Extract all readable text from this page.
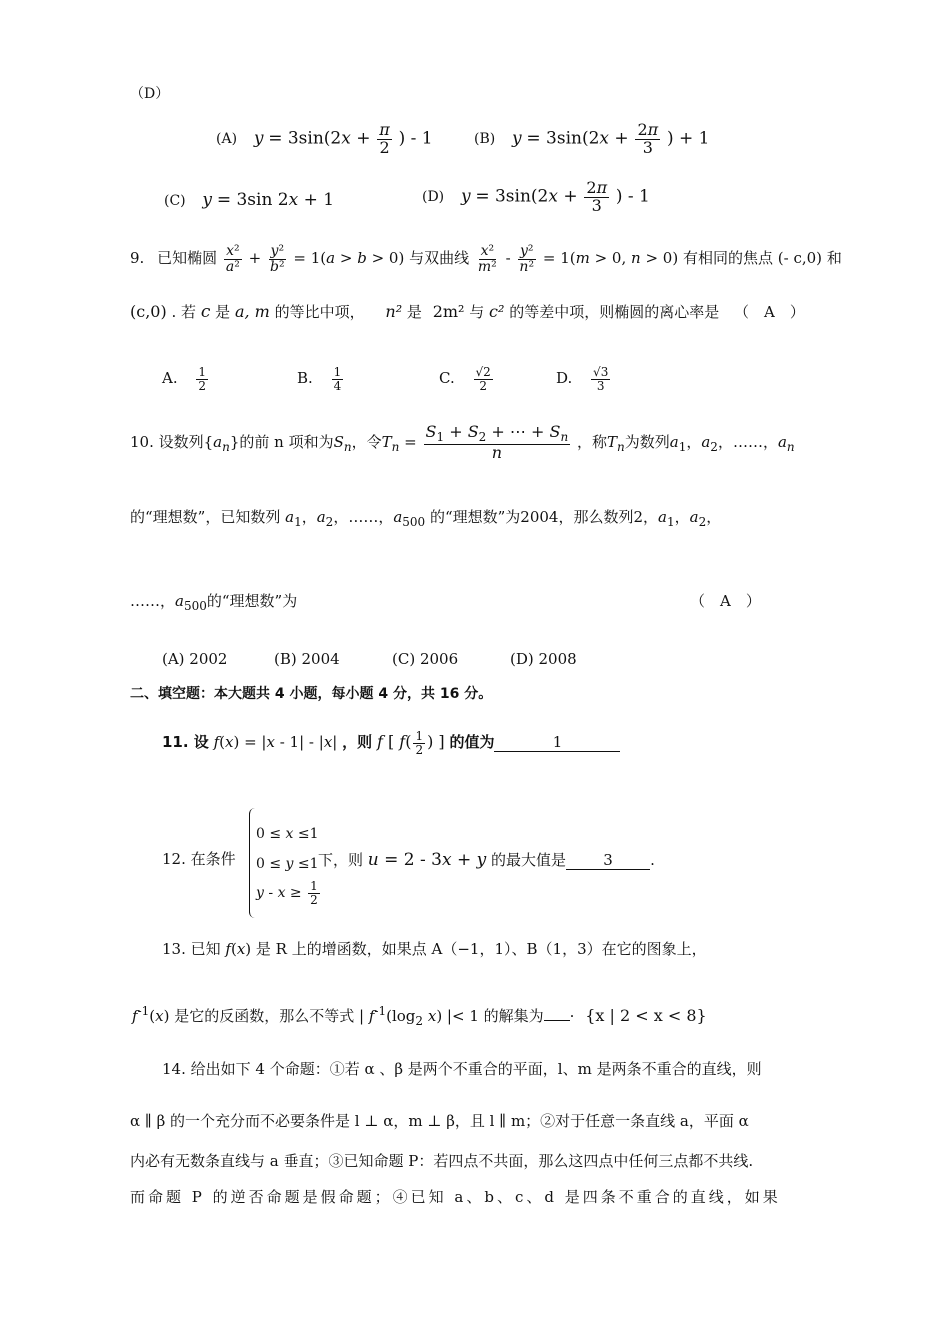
（D）
(A) $y = 3\sin(2x + \frac{\pi}{2}$ ) - 1	(B) $y = 3\sin(2x + \frac{2\pi}{3}$ ) + 1
(C) y = 3sin 2x + 1	(D) $y = 3\sin(2x + \frac{2\pi}{3}$ ) - 1
9. 已知椭圆 $\frac{\text{x²}}{\text{a²}} + \frac{\text{y²}}{\text{b²}} = 1(a > b > 0)$ 与双曲线 $\frac{\text{x²}}{\text{m²}} - \frac{\text{y²}}{\text{n²}} = 1(m > 0$, n > 0) 有相同的焦点 (- c,0) 和
(c,0) . 若 c 是 a, m 的等比中项， n² 是 2m² 与 c² 的等差中项，则椭圆的离心率是 （　A　）
A. $\frac{1}{2}$	B. $\frac{1}{4}$	C. $\frac{√2}{2}$	D. $\frac{√3}{3}$
10. 设数列$\{a_n\}$的前 n 项和为$S_n$，令$T_n = \frac{S_1 + S_2 + \cdots + S_n}{n}$ ，称$T_n$为数列$a_1$，$a_2$，……，$a_n$
的“理想数”，已知数列 $a_1$，$a_2$，……，$a_{500}$ 的“理想数”为2004，那么数列2，$a_1$，$a_2$，
……，$a_{500}$的“理想数”为	（　A　）
(A) 2002	(B) 2004	(C) 2006	(D) 2008
二、填空题：本大题共 4 小题，每小题 4 分，共 16 分。
11. 设 f(x) = |x - 1| - |x| ，则 f [ $f( \frac{1}{2}$ ) ] 的值为	1
12. 在条件
0 ≤ x ≤1
0 ≤ y ≤1
$y - x \ge \frac{1}{2}$
下，则 u = 2 - 3x + y 的最大值是 3 .
13. 已知 f(x) 是 R 上的增函数，如果点 A（−1，1）、B（1，3）在它的图象上，
$f^{-1}(x)$ 是它的反函数，那么不等式 | $f^{-1}(\log_2$ x) |< 1 的解集为 · {x | 2 < x < 8}
14. 给出如下 4 个命题：①若 α 、β 是两个不重合的平面，l、m 是两条不重合的直线，则
α ∥ β 的一个充分而不必要条件是 l ⊥ α，m ⊥ β，且 l ∥ m；②对于任意一条直线 a，平面 α
内必有无数条直线与 a 垂直；③已知命题 P：若四点不共面，那么这四点中任何三点都不共线.
而命题 P 的逆否命题是假命题；④已知 a、b、c、d 是四条不重合的直线，如果
